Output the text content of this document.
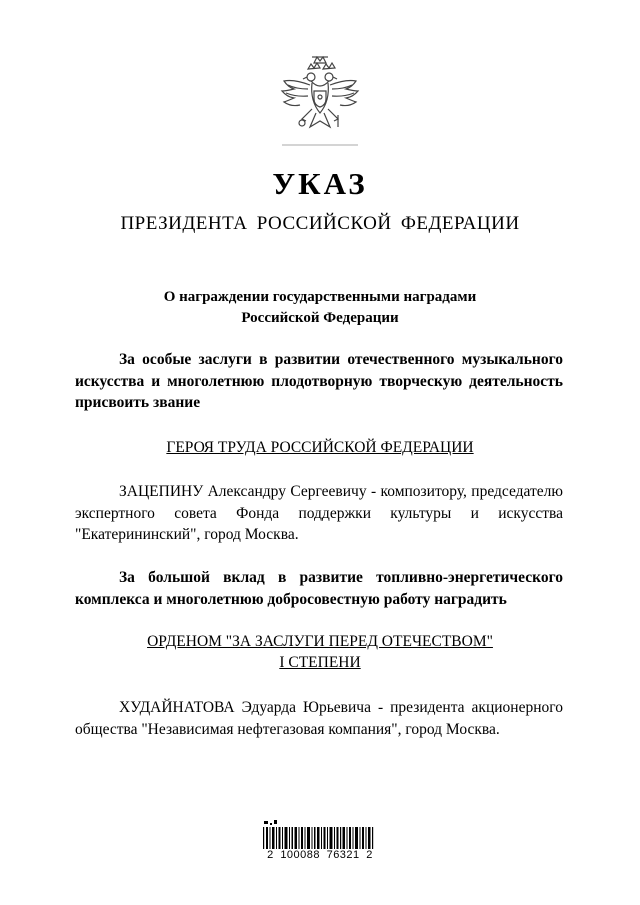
УКАЗ
ПРЕЗИДЕНТА РОССИЙСКОЙ ФЕДЕРАЦИИ
О награждении государственными наградами
Российской Федерации
За особые заслуги в развитии отечественного музыкального искусства и многолетнюю плодотворную творческую деятельность присвоить звание
ГЕРОЯ ТРУДА РОССИЙСКОЙ ФЕДЕРАЦИИ
ЗАЦЕПИНУ Александру Сергеевичу - композитору, председателю экспертного совета Фонда поддержки культуры и искусства "Екатерининский", город Москва.
За большой вклад в развитие топливно-энергетического комплекса и многолетнюю добросовестную работу наградить
ОРДЕНОМ "ЗА ЗАСЛУГИ ПЕРЕД ОТЕЧЕСТВОМ"
I СТЕПЕНИ
ХУДАЙНАТОВА Эдуарда Юрьевича - президента акционерного общества "Независимая нефтегазовая компания", город Москва.
2 100088 76321 2
